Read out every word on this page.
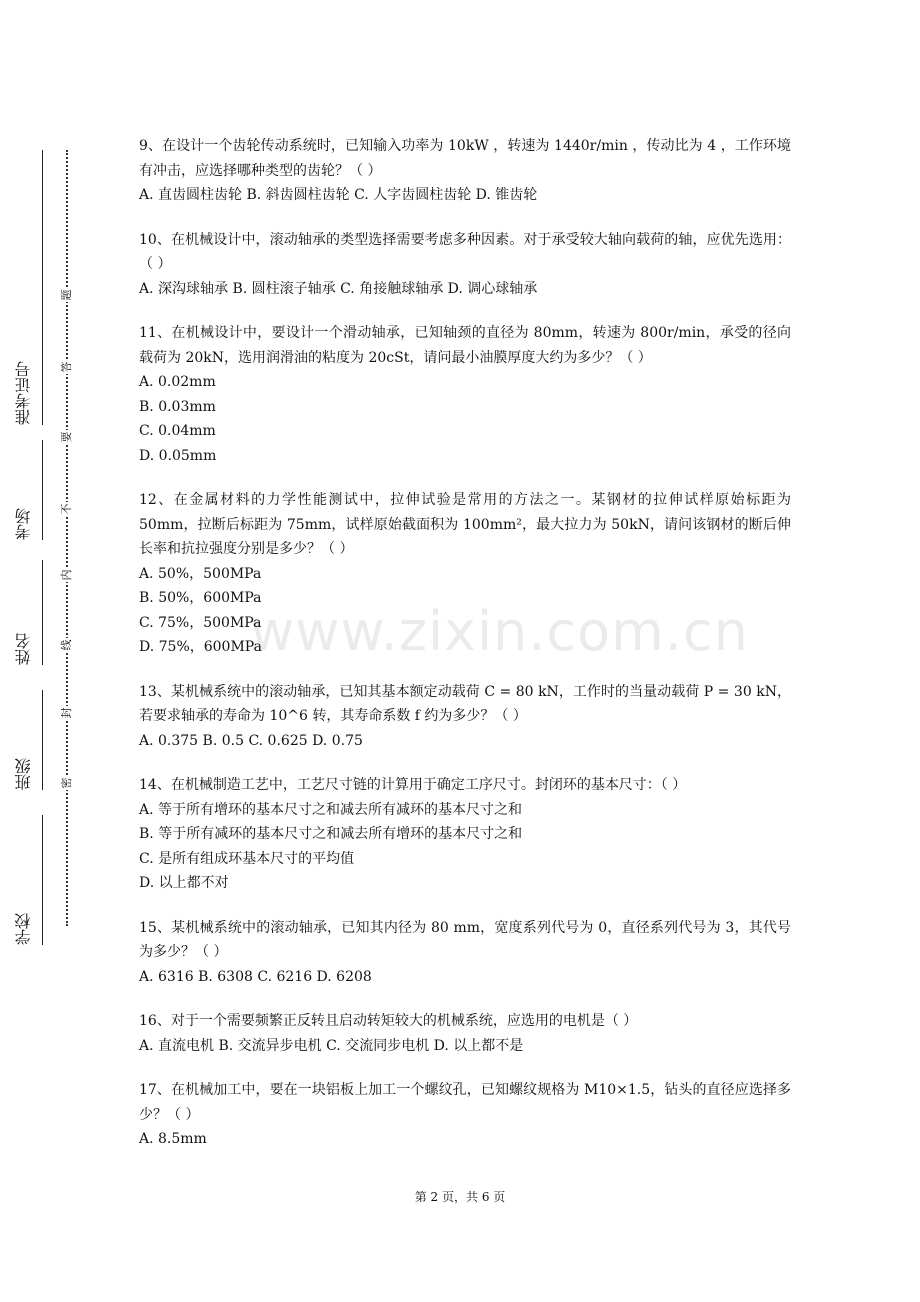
准考证号
考场
姓名
班级
学校
题
答
要
不
内
线
封
密
9、在设计一个齿轮传动系统时，已知输入功率为 10kW ，转速为 1440r/min ，传动比为 4 ，工作环境有冲击，应选择哪种类型的齿轮？（ ）
A. 直齿圆柱齿轮 B. 斜齿圆柱齿轮 C. 人字齿圆柱齿轮 D. 锥齿轮
10、在机械设计中，滚动轴承的类型选择需要考虑多种因素。对于承受较大轴向载荷的轴，应优先选用：（ ）
A. 深沟球轴承 B. 圆柱滚子轴承 C. 角接触球轴承 D. 调心球轴承
11、在机械设计中，要设计一个滑动轴承，已知轴颈的直径为 80mm，转速为 800r/min，承受的径向载荷为 20kN，选用润滑油的粘度为 20cSt，请问最小油膜厚度大约为多少？（ ）
A. 0.02mm
B. 0.03mm
C. 0.04mm
D. 0.05mm
12、在金属材料的力学性能测试中，拉伸试验是常用的方法之一。某钢材的拉伸试样原始标距为 50mm，拉断后标距为 75mm，试样原始截面积为 100mm²，最大拉力为 50kN，请问该钢材的断后伸长率和抗拉强度分别是多少？（ ）
A. 50%，500MPa
B. 50%，600MPa
C. 75%，500MPa
D. 75%，600MPa
13、某机械系统中的滚动轴承，已知其基本额定动载荷 C = 80 kN，工作时的当量动载荷 P = 30 kN，若要求轴承的寿命为 10^6 转，其寿命系数 f 约为多少？（ ）
A. 0.375 B. 0.5 C. 0.625 D. 0.75
14、在机械制造工艺中，工艺尺寸链的计算用于确定工序尺寸。封闭环的基本尺寸：（ ）
A. 等于所有增环的基本尺寸之和减去所有减环的基本尺寸之和
B. 等于所有减环的基本尺寸之和减去所有增环的基本尺寸之和
C. 是所有组成环基本尺寸的平均值
D. 以上都不对
15、某机械系统中的滚动轴承，已知其内径为 80 mm，宽度系列代号为 0，直径系列代号为 3，其代号为多少？（ ）
A. 6316 B. 6308 C. 6216 D. 6208
16、对于一个需要频繁正反转且启动转矩较大的机械系统，应选用的电机是（ ）
A. 直流电机 B. 交流异步电机 C. 交流同步电机 D. 以上都不是
17、在机械加工中，要在一块铝板上加工一个螺纹孔，已知螺纹规格为 M10×1.5，钻头的直径应选择多少？（ ）
A. 8.5mm
www.zixin.com.cn
第 2 页，共 6 页
